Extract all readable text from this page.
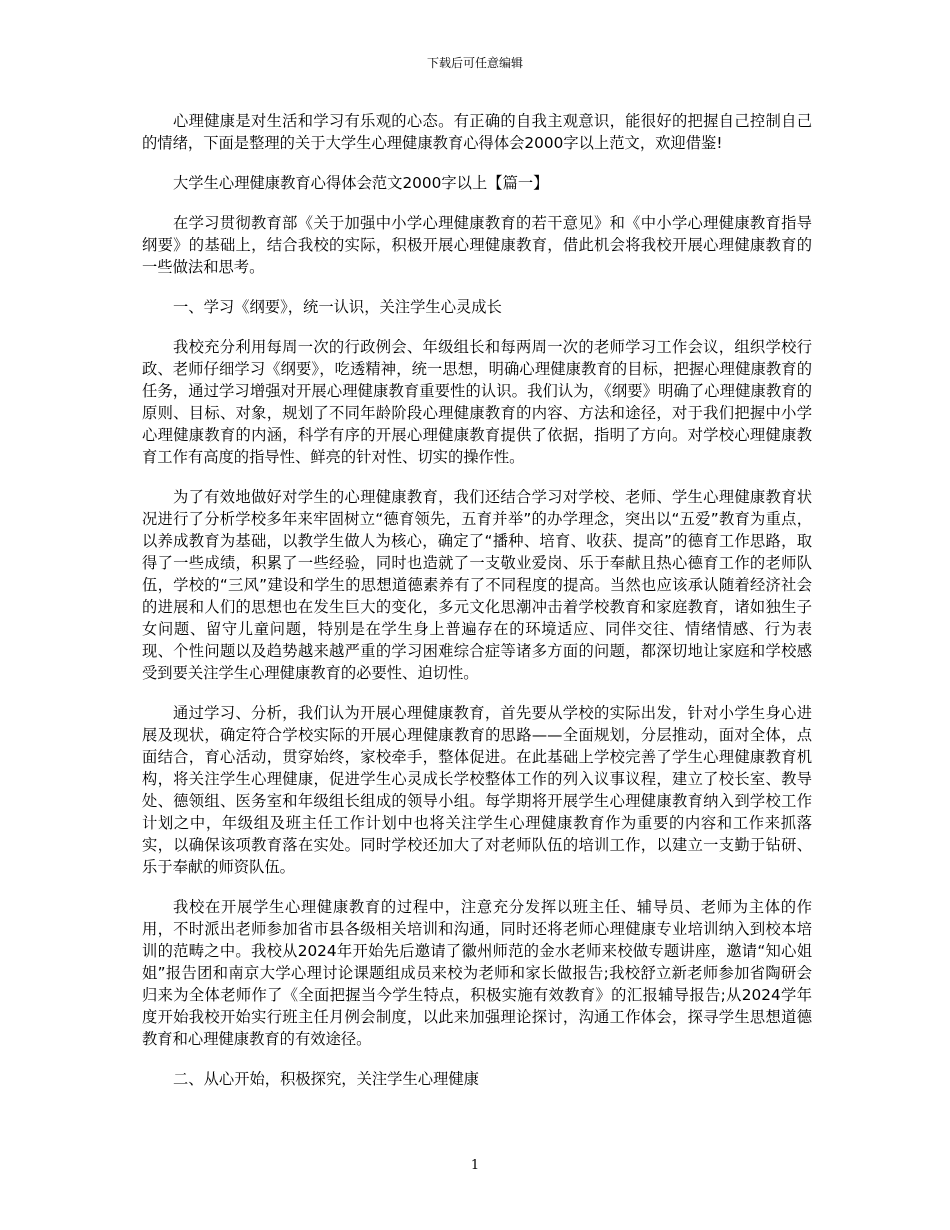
下载后可任意编辑

心理健康是对生活和学习有乐观的心态。有正确的自我主观意识，能很好的把握自己控制自己的情绪，下面是整理的关于大学生心理健康教育心得体会2000字以上范文，欢迎借鉴!

大学生心理健康教育心得体会范文2000字以上【篇一】

在学习贯彻教育部《关于加强中小学心理健康教育的若干意见》和《中小学心理健康教育指导纲要》的基础上，结合我校的实际，积极开展心理健康教育，借此机会将我校开展心理健康教育的一些做法和思考。

一、学习《纲要》，统一认识，关注学生心灵成长

我校充分利用每周一次的行政例会、年级组长和每两周一次的老师学习工作会议，组织学校行政、老师仔细学习《纲要》，吃透精神，统一思想，明确心理健康教育的目标，把握心理健康教育的任务，通过学习增强对开展心理健康教育重要性的认识。我们认为，《纲要》明确了心理健康教育的原则、目标、对象，规划了不同年龄阶段心理健康教育的内容、方法和途径，对于我们把握中小学心理健康教育的内涵，科学有序的开展心理健康教育提供了依据，指明了方向。对学校心理健康教育工作有高度的指导性、鲜亮的针对性、切实的操作性。

为了有效地做好对学生的心理健康教育，我们还结合学习对学校、老师、学生心理健康教育状况进行了分析学校多年来牢固树立“德育领先，五育并举”的办学理念，突出以“五爱”教育为重点，以养成教育为基础，以教学生做人为核心，确定了“播种、培育、收获、提高”的德育工作思路，取得了一些成绩，积累了一些经验，同时也造就了一支敬业爱岗、乐于奉献且热心德育工作的老师队伍，学校的“三风”建设和学生的思想道德素养有了不同程度的提高。当然也应该承认随着经济社会的进展和人们的思想也在发生巨大的变化，多元文化思潮冲击着学校教育和家庭教育，诸如独生子女问题、留守儿童问题，特别是在学生身上普遍存在的环境适应、同伴交往、情绪情感、行为表现、个性问题以及趋势越来越严重的学习困难综合症等诸多方面的问题，都深切地让家庭和学校感受到要关注学生心理健康教育的必要性、迫切性。

通过学习、分析，我们认为开展心理健康教育，首先要从学校的实际出发，针对小学生身心进展及现状，确定符合学校实际的开展心理健康教育的思路——全面规划，分层推动，面对全体，点面结合，育心活动，贯穿始终，家校牵手，整体促进。在此基础上学校完善了学生心理健康教育机构，将关注学生心理健康，促进学生心灵成长学校整体工作的列入议事议程，建立了校长室、教导处、德领组、医务室和年级组长组成的领导小组。每学期将开展学生心理健康教育纳入到学校工作计划之中，年级组及班主任工作计划中也将关注学生心理健康教育作为重要的内容和工作来抓落实，以确保该项教育落在实处。同时学校还加大了对老师队伍的培训工作，以建立一支勤于钻研、乐于奉献的师资队伍。

我校在开展学生心理健康教育的过程中，注意充分发挥以班主任、辅导员、老师为主体的作用，不时派出老师参加省市县各级相关培训和沟通，同时还将老师心理健康专业培训纳入到校本培训的范畴之中。我校从2024年开始先后邀请了徽州师范的金水老师来校做专题讲座，邀请“知心姐姐”报告团和南京大学心理讨论课题组成员来校为老师和家长做报告;我校舒立新老师参加省陶研会归来为全体老师作了《全面把握当今学生特点，积极实施有效教育》的汇报辅导报告;从2024学年度开始我校开始实行班主任月例会制度，以此来加强理论探讨，沟通工作体会，探寻学生思想道德教育和心理健康教育的有效途径。

二、从心开始，积极探究，关注学生心理健康

1
